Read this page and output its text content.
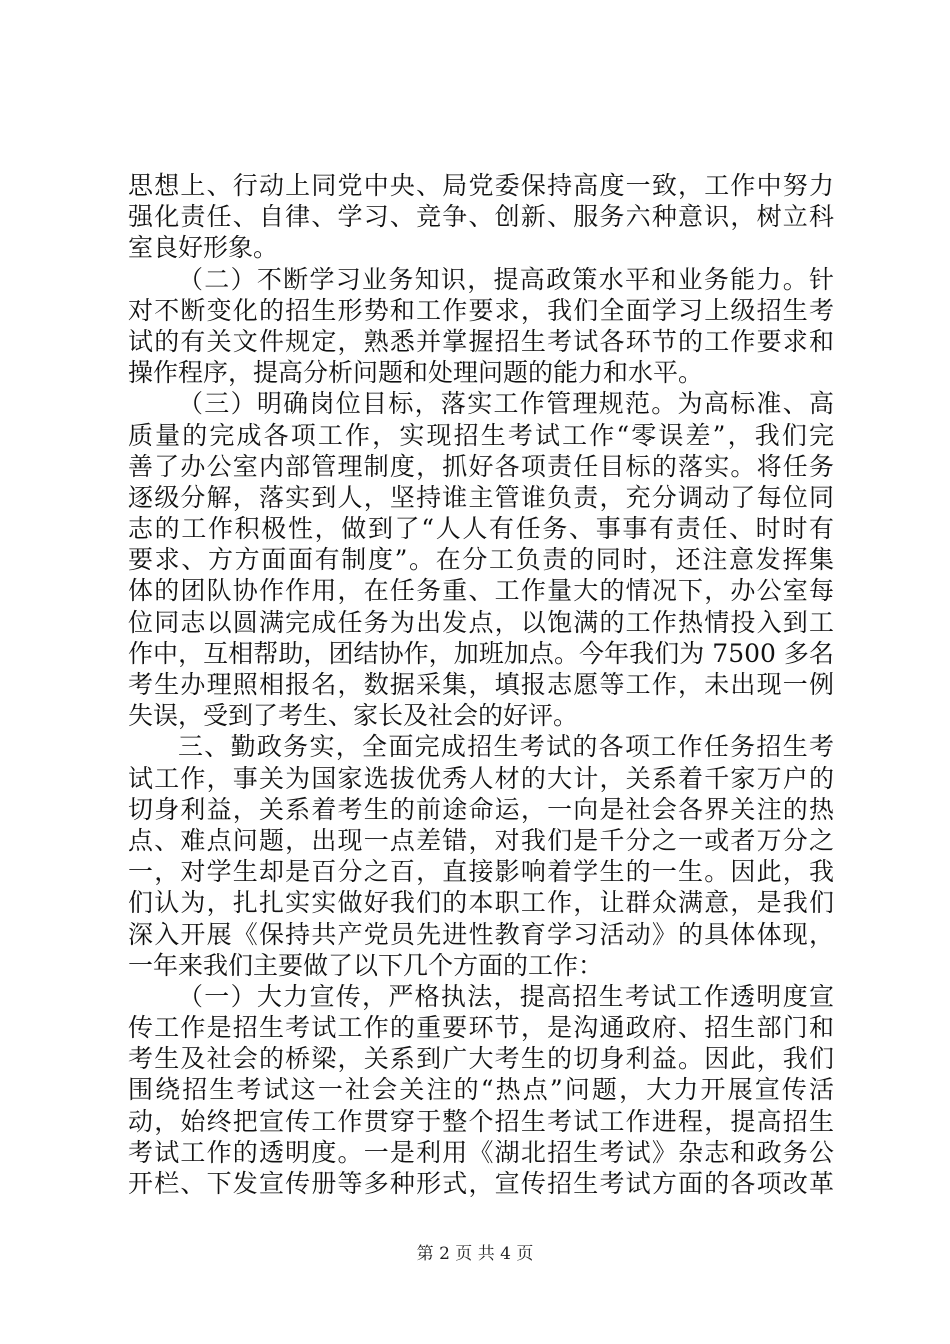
思想上、行动上同党中央、局党委保持高度一致，工作中努力
强化责任、自律、学习、竞争、创新、服务六种意识，树立科
室良好形象。
（二）不断学习业务知识，提高政策水平和业务能力。针
对不断变化的招生形势和工作要求，我们全面学习上级招生考
试的有关文件规定，熟悉并掌握招生考试各环节的工作要求和
操作程序，提高分析问题和处理问题的能力和水平。
（三）明确岗位目标，落实工作管理规范。为高标准、高
质量的完成各项工作，实现招生考试工作“零误差”，我们完
善了办公室内部管理制度，抓好各项责任目标的落实。将任务
逐级分解，落实到人，坚持谁主管谁负责，充分调动了每位同
志的工作积极性，做到了“人人有任务、事事有责任、时时有
要求、方方面面有制度”。在分工负责的同时，还注意发挥集
体的团队协作作用，在任务重、工作量大的情况下，办公室每
位同志以圆满完成任务为出发点，以饱满的工作热情投入到工
作中，互相帮助，团结协作，加班加点。今年我们为 7500 多名
考生办理照相报名，数据采集，填报志愿等工作，未出现一例
失误，受到了考生、家长及社会的好评。
三、勤政务实，全面完成招生考试的各项工作任务招生考
试工作，事关为国家选拔优秀人材的大计，关系着千家万户的
切身利益，关系着考生的前途命运，一向是社会各界关注的热
点、难点问题，出现一点差错，对我们是千分之一或者万分之
一，对学生却是百分之百，直接影响着学生的一生。因此，我
们认为，扎扎实实做好我们的本职工作，让群众满意，是我们
深入开展《保持共产党员先进性教育学习活动》的具体体现，
一年来我们主要做了以下几个方面的工作：
（一）大力宣传，严格执法，提高招生考试工作透明度宣
传工作是招生考试工作的重要环节，是沟通政府、招生部门和
考生及社会的桥梁，关系到广大考生的切身利益。因此，我们
围绕招生考试这一社会关注的“热点”问题，大力开展宣传活
动，始终把宣传工作贯穿于整个招生考试工作进程，提高招生
考试工作的透明度。一是利用《湖北招生考试》杂志和政务公
开栏、下发宣传册等多种形式，宣传招生考试方面的各项改革
第 2 页 共 4 页
